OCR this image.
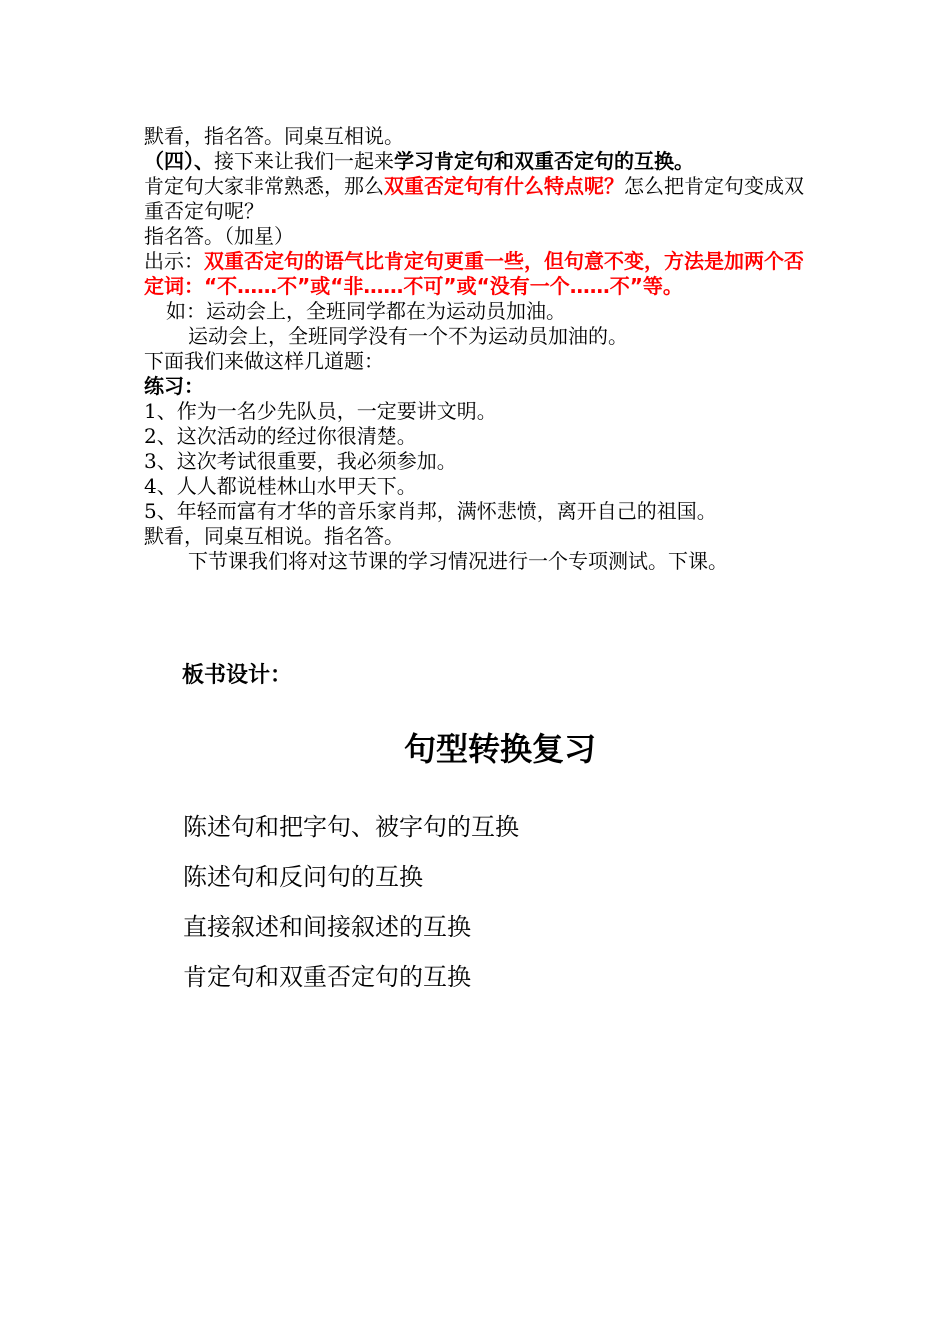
默看，指名答。同桌互相说。
（四）、接下来让我们一起来学习肯定句和双重否定句的互换。
肯定句大家非常熟悉，那么双重否定句有什么特点呢？怎么把肯定句变成双重否定句呢？
指名答。（加星）
出示：双重否定句的语气比肯定句更重一些，但句意不变，方法是加两个否定词：“不……不”或“非……不可”或“没有一个……不”等。
如：运动会上，全班同学都在为运动员加油。
运动会上，全班同学没有一个不为运动员加油的。
下面我们来做这样几道题：
练习：
1、作为一名少先队员，一定要讲文明。
2、这次活动的经过你很清楚。
3、这次考试很重要，我必须参加。
4、人人都说桂林山水甲天下。
5、年轻而富有才华的音乐家肖邦，满怀悲愤，离开自己的祖国。
默看，同桌互相说。指名答。
下节课我们将对这节课的学习情况进行一个专项测试。下课。
板书设计：
句型转换复习
陈述句和把字句、被字句的互换
陈述句和反问句的互换
直接叙述和间接叙述的互换
肯定句和双重否定句的互换
